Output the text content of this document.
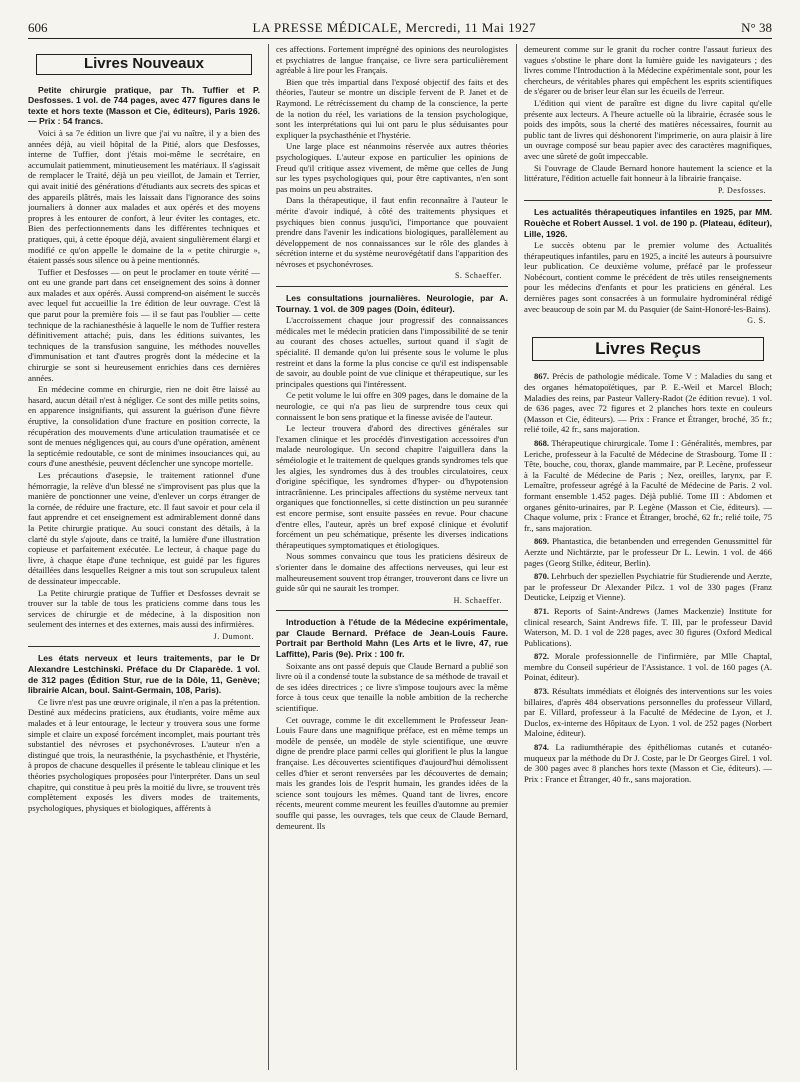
606	LA PRESSE MÉDICALE, Mercredi, 11 Mai 1927	N° 38
Livres Nouveaux

Petite chirurgie pratique, par Th. Tuffier et P. Desfosses. 1 vol. de 744 pages, avec 477 figures dans le texte et hors texte (Masson et Cie, éditeurs), Paris 1926. — Prix : 54 francs.

Voici à sa 7e édition un livre que j'ai vu naître, il y a bien des années déjà, au vieil hôpital de la Pitié, alors que Desfosses, interne de Tuffier, dont j'étais moi-même le secrétaire, en accumulait patiemment, minutieusement les matériaux. Il s'agissait de remplacer le Traité, déjà un peu vieillot, de Jamain et Terrier, qui avait initié des générations d'étudiants aux secrets des spicas et des appareils plâtrés, mais les laissait dans l'ignorance des soins journaliers à donner aux malades et aux opérés et des moyens propres à les entourer de confort, à leur éviter les contages, etc. Bien des perfectionnements dans les différentes techniques et pratiques, qui, à cette époque déjà, avaient singulièrement élargi et modifié ce qu'on appelle le domaine de la « petite chirurgie », étaient passés sous silence ou à peine mentionnés.

Tuffier et Desfosses — on peut le proclamer en toute vérité — ont eu une grande part dans cet enseignement des soins à donner aux malades et aux opérés. Aussi comprend-on aisément le succès avec lequel fut accueillie la 1re édition de leur ouvrage. C'est là que parut pour la première fois — il se faut pas l'oublier — cette technique de la rachianesthésie à laquelle le nom de Tuffier restera définitivement attaché; puis, dans les éditions suivantes, les techniques de la transfusion sanguine, les méthodes nouvelles d'immunisation et tant d'autres progrès dont la médecine et la chirurgie se sont si heureusement enrichies dans ces dernières années.

En médecine comme en chirurgie, rien ne doit être laissé au hasard, aucun détail n'est à négliger. Ce sont des mille petits soins, en apparence insignifiants, qui assurent la guérison d'une fièvre éruptive, la consolidation d'une fracture en position correcte, la récupération des mouvements d'une articulation traumatisée et ce sont de menues négligences qui, au cours d'une opération, amènent la septicémie redoutable, ce sont de minimes insouciances qui, au cours d'une anesthésie, peuvent déclencher une syncope mortelle.

Les précautions d'asepsie, le traitement rationnel d'une hémorragie, la relève d'un blessé ne s'improvisent pas plus que la manière de ponctionner une veine, d'enlever un corps étranger de la cornée, de réduire une fracture, etc. Il faut savoir et pour cela il faut apprendre et cet enseignement est admirablement donné dans la Petite chirurgie pratique. Au souci constant des détails, à la clarté du style s'ajoute, dans ce traité, la lumière d'une illustration copieuse et parfaitement exécutée. Le lecteur, à chaque page du livre, à chaque étape d'une technique, est guidé par les figures détaillées dans lesquelles Reigner a mis tout son scrupuleux talent de dessinateur impeccable.

La Petite chirurgie pratique de Tuffier et Desfosses devrait se trouver sur la table de tous les praticiens comme dans tous les services de chirurgie et de médecine, à la disposition non seulement des internes et des externes, mais aussi des infirmières.

J. Dumont.

Les états nerveux et leurs traitements, par le Dr Alexandre Lestchinski. Préface du Dr Claparède. 1 vol. de 312 pages (Édition Stur, rue de la Dôle, 11, Genève; librairie Alcan, boul. Saint-Germain, 108, Paris).

Ce livre n'est pas une œuvre originale, il n'en a pas la prétention. Destiné aux médecins praticiens, aux étudiants, voire même aux malades et à leur entourage, le lecteur y trouvera sous une forme simple et claire un exposé forcément incomplet, mais pourtant très substantiel des névroses et psychonévroses. L'auteur n'en a distingué que trois, la neurasthénie, la psychasthénie, et l'hystérie, à propos de chacune desquelles il présente le tableau clinique et les théories psychologiques proposées pour l'interpréter. Dans un seul chapitre, qui constitue à peu près la moitié du livre, se trouvent très complètement exposés les divers modes de traitements, psychologiques, physiques et biologiques, afférents à

ces affections. Fortement imprégné des opinions des neurologistes et psychiatres de langue française, ce livre sera particulièrement agréable à lire pour les Français.

Bien que très impartial dans l'exposé objectif des faits et des théories, l'auteur se montre un disciple fervent de P. Janet et de Raymond. Le rétrécissement du champ de la conscience, la perte de la notion du réel, les variations de la tension psychologique, sont les interprétations qui lui ont paru le plus séduisantes pour expliquer la psychasthénie et l'hystérie.

Une large place est néanmoins réservée aux autres théories psychologiques. L'auteur expose en particulier les opinions de Freud qu'il critique assez vivement, de même que celles de Jung sur les types psychologiques qui, pour être captivantes, n'en sont pas moins un peu abstraites.

Dans la thérapeutique, il faut enfin reconnaître à l'auteur le mérite d'avoir indiqué, à côté des traitements physiques et psychiques bien connus jusqu'ici, l'importance que pouvaient prendre dans l'avenir les indications biologiques, parallèlement au développement de nos connaissances sur le rôle des glandes à sécrétion interne et du système neurovégétatif dans l'apparition des névroses et psychonévroses.

S. Schaeffer.

Les consultations journalières. Neurologie, par A. Tournay. 1 vol. de 309 pages (Doin, éditeur).

L'accroissement chaque jour progressif des connaissances médicales met le médecin praticien dans l'impossibilité de se tenir au courant des choses actuelles, surtout quand il s'agit de spécialité. Il demande qu'on lui présente sous le volume le plus restreint et dans la forme la plus concise ce qu'il est indispensable de savoir, au double point de vue clinique et thérapeutique, sur les principales questions qui l'intéressent.

Ce petit volume le lui offre en 309 pages, dans le domaine de la neurologie, ce qui n'a pas lieu de surprendre tous ceux qui connaissent le bon sens pratique et la finesse avisée de l'auteur.

Le lecteur trouvera d'abord des directives générales sur l'examen clinique et les procédés d'investigation accessoires d'un malade neurologique. Un second chapitre l'aiguillera dans la séméiologie et le traitement de quelques grands syndromes tels que les algies, les syndromes dus à des troubles circulatoires, ceux d'origine spécifique, les syndromes d'hyper- ou d'hypotension intracrânienne. Les principales affections du système nerveux tant organiques que fonctionnelles, si cette distinction un peu surannée est encore permise, sont ensuite passées en revue. Pour chacune d'entre elles, l'auteur, après un bref exposé clinique et évolutif forcément un peu schématique, présente les diverses indications thérapeutiques symptomatiques et étiologiques.

Nous sommes convaincu que tous les praticiens désireux de s'orienter dans le domaine des affections nerveuses, qui leur est malheureusement souvent trop étranger, trouveront dans ce livre un guide sûr qui ne saurait les tromper.

H. Schaeffer.

Introduction à l'étude de la Médecine expérimentale, par Claude Bernard. Préface de Jean-Louis Faure. Portrait par Berthold Mahn (Les Arts et le livre, 47, rue Laffitte), Paris (9e). Prix : 100 fr.

Soixante ans ont passé depuis que Claude Bernard a publié son livre où il a condensé toute la substance de sa méthode de travail et de ses idées directrices ; ce livre s'impose toujours avec la même force à tous ceux que tenaille la noble ambition de la recherche scientifique.

Cet ouvrage, comme le dit excellemment le Professeur Jean-Louis Faure dans une magnifique préface, est en même temps un modèle de pensée, un modèle de style scientifique, une œuvre digne de prendre place parmi celles qui glorifient le plus la langue française. Les découvertes scientifiques d'aujourd'hui démolissent celles d'hier et seront renversées par les découvertes de demain; mais les grandes lois de l'esprit humain, les grandes idées de la science sont toujours les mêmes. Quand tant de livres, encore récents, meurent comme meurent les feuilles d'automne au premier souffle qui passe, les ouvrages, tels que ceux de Claude Bernard, demeurent. Ils

demeurent comme sur le granit du rocher contre l'assaut furieux des vagues s'obstine le phare dont la lumière guide les navigateurs ; des livres comme l'Introduction à la Médecine expérimentale sont, pour les chercheurs, de véritables phares qui empêchent les esprits scientifiques de s'égarer ou de briser leur élan sur les écueils de l'erreur.

L'édition qui vient de paraître est digne du livre capital qu'elle présente aux lecteurs. A l'heure actuelle où la librairie, écrasée sous le poids des impôts, sous la cherté des matières nécessaires, fournit au public tant de livres qui déshonorent l'imprimerie, on aura plaisir à lire un ouvrage composé sur beau papier avec des caractères magnifiques, avec une sûreté de goût impeccable.

Si l'ouvrage de Claude Bernard honore hautement la science et la littérature, l'édition actuelle fait honneur à la librairie française.

P. Desfosses.

Les actualités thérapeutiques infantiles en 1925, par MM. Rouèche et Robert Aussel. 1 vol. de 190 p. (Plateau, éditeur), Lille, 1926.

Le succès obtenu par le premier volume des Actualités thérapeutiques infantiles, paru en 1925, a incité les auteurs à poursuivre leur publication. Ce deuxième volume, préfacé par le professeur Nobécourt, contient comme le précédent de très utiles renseignements pour les médecins d'enfants et pour les praticiens en général. Les dernières pages sont consacrées à un formulaire hydrominéral rédigé avec beaucoup de soin par M. du Pasquier (de Saint-Honoré-les-Bains).

G. S.
Livres Reçus

867. Précis de pathologie médicale. Tome V : Maladies du sang et des organes hématopoïétiques, par P. E.-Weil et Marcel Bloch; Maladies des reins, par Pasteur Vallery-Radot (2e édition revue). 1 vol. de 636 pages, avec 72 figures et 2 planches hors texte en couleurs (Masson et Cie, éditeurs). — Prix : France et Étranger, broché, 35 fr.; relié toile, 42 fr., sans majoration.

868. Thérapeutique chirurgicale. Tome I : Généralités, membres, par Leriche, professeur à la Faculté de Médecine de Strasbourg. Tome II : Tête, bouche, cou, thorax, glande mammaire, par P. Lecène, professeur à la Faculté de Médecine de Paris ; Nez, oreilles, larynx, par F. Lemaître, professeur agrégé à la Faculté de Médecine de Paris. 2 vol. formant ensemble 1.452 pages. Déjà publié. Tome III : Abdomen et organes génito-urinaires, par P. Legène (Masson et Cie, éditeurs). — Chaque volume, prix : France et Étranger, broché, 62 fr.; relié toile, 75 fr., sans majoration.

869. Phantastica, die betanbenden und erregenden Genussmittel für Aerzte und Nichtärzte, par le professeur Dr L. Lewin. 1 vol. de 466 pages (Georg Stilke, éditeur, Berlin).

870. Lehrbuch der speziellen Psychiatrie für Studierende und Aerzte, par le professeur Dr Alexander Pilcz. 1 vol de 330 pages (Franz Deuticke, Leipzig et Vienne).

871. Reports of Saint-Andrews (James Mackenzie) Institute for clinical research, Saint Andrews fife. T. III, par le professeur David Waterson, M. D. 1 vol de 228 pages, avec 30 figures (Oxford Medical Publications).

872. Morale professionnelle de l'infirmière, par Mlle Chaptal, membre du Conseil supérieur de l'Assistance. 1 vol. de 160 pages (A. Poinat, éditeur).

873. Résultats immédiats et éloignés des interventions sur les voies billaires, d'après 484 observations personnelles du professeur Villard, par E. Villard, professeur à la Faculté de Médecine de Lyon, et J. Duclos, ex-interne des Hôpitaux de Lyon. 1 vol. de 252 pages (Norbert Maloine, éditeur).

874. La radiumthérapie des épithéliomas cutanés et cutanéo-muqueux par la méthode du Dr J. Coste, par le Dr Georges Girel. 1 vol. de 300 pages avec 8 planches hors texte (Masson et Cie, éditeurs). — Prix : France et Étranger, 40 fr., sans majoration.
